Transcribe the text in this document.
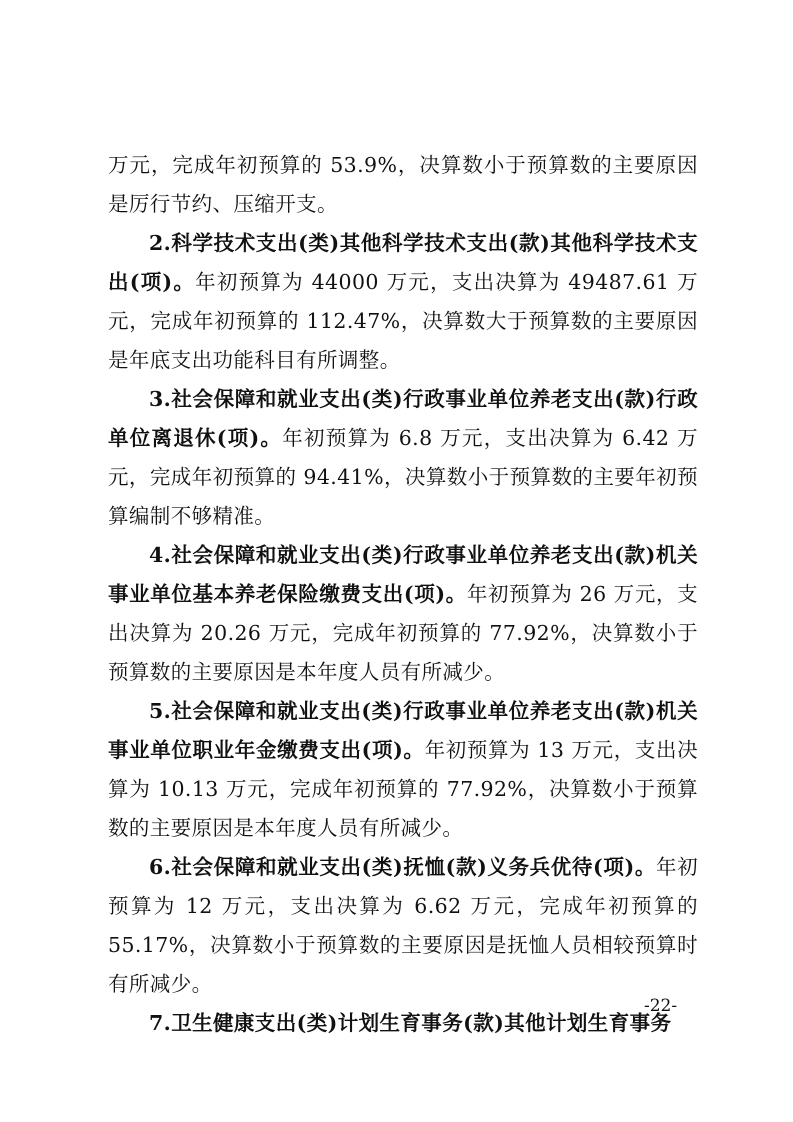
万元，完成年初预算的 53.9%，决算数小于预算数的主要原因是厉行节约、压缩开支。

2.科学技术支出(类)其他科学技术支出(款)其他科学技术支出(项)。年初预算为 44000 万元，支出决算为 49487.61 万元，完成年初预算的 112.47%，决算数大于预算数的主要原因是年底支出功能科目有所调整。

3.社会保障和就业支出(类)行政事业单位养老支出(款)行政单位离退休(项)。年初预算为 6.8 万元，支出决算为 6.42 万元，完成年初预算的 94.41%，决算数小于预算数的主要年初预算编制不够精准。

4.社会保障和就业支出(类)行政事业单位养老支出(款)机关事业单位基本养老保险缴费支出(项)。年初预算为 26 万元，支出决算为 20.26 万元，完成年初预算的 77.92%，决算数小于预算数的主要原因是本年度人员有所减少。

5.社会保障和就业支出(类)行政事业单位养老支出(款)机关事业单位职业年金缴费支出(项)。年初预算为 13 万元，支出决算为 10.13 万元，完成年初预算的 77.92%，决算数小于预算数的主要原因是本年度人员有所减少。

6.社会保障和就业支出(类)抚恤(款)义务兵优待(项)。年初预算为 12 万元，支出决算为 6.62 万元，完成年初预算的 55.17%，决算数小于预算数的主要原因是抚恤人员相较预算时有所减少。

7.卫生健康支出(类)计划生育事务(款)其他计划生育事务

-22-
